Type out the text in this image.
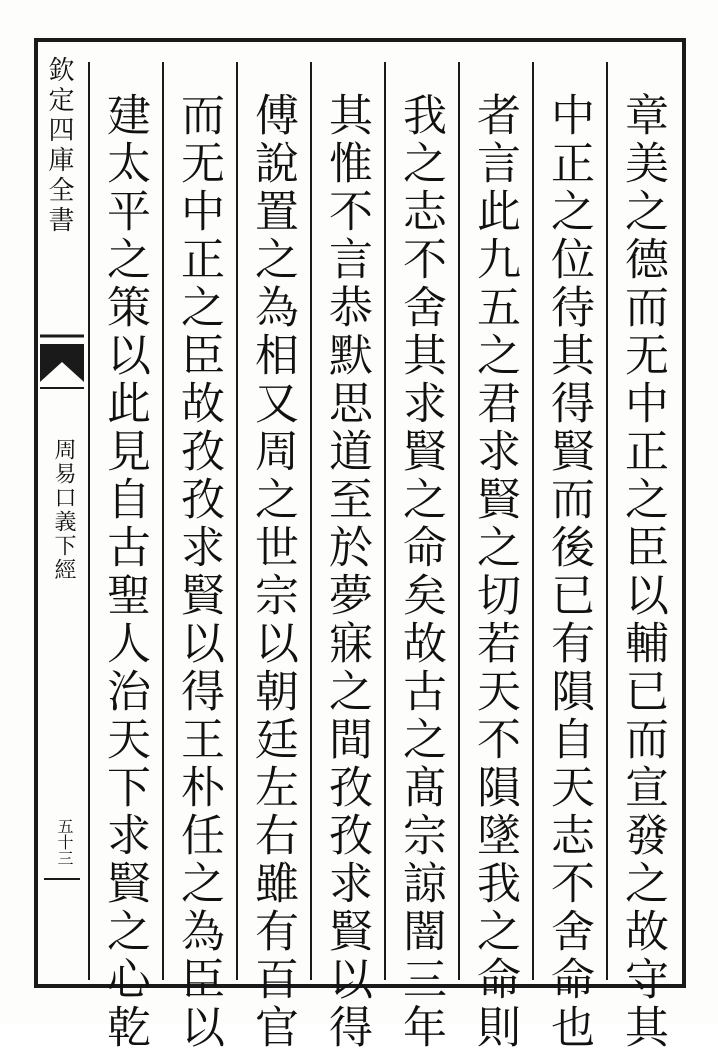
欽定四庫全書
周易口義下經
五十三	章美之德而无中正之臣以輔已而宣發之故守其
中正之位待其得賢而後已有隕自天志不舍命也
者言此九五之君求賢之切若天不隕墜我之命則
我之志不舍其求賢之命矣故古之髙宗諒闇三年
其惟不言恭默思道至於夢寐之間孜孜求賢以得
傅說置之為相又周之世宗以朝廷左右雖有百官
而无中正之臣故孜孜求賢以得王朴任之為臣以
建太平之策以此見自古聖人治天下求賢之心乾
